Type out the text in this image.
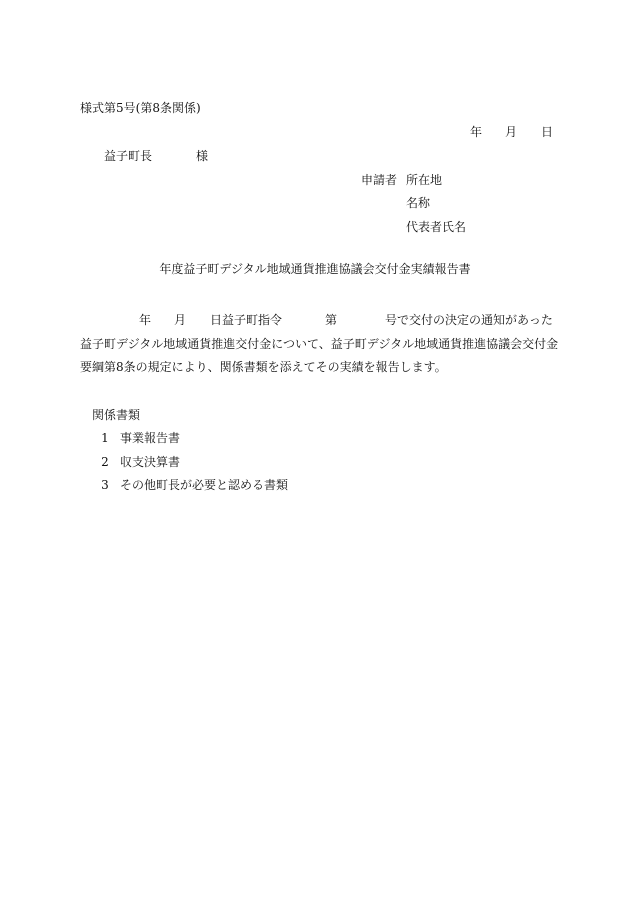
様式第5号(第8条関係)
年 月 日
益子町長	様
申請者 所在地
名称
代表者氏名
年度益子町デジタル地域通貨推進協議会交付金実績報告書
年 月 日益子町指令	第	号で交付の決定の通知があった
益子町デジタル地域通貨推進交付金について、益子町デジタル地域通貨推進協議会交付金
要綱第8条の規定により、関係書類を添えてその実績を報告します。
関係書類
1 事業報告書
2 収支決算書
3 その他町長が必要と認める書類
